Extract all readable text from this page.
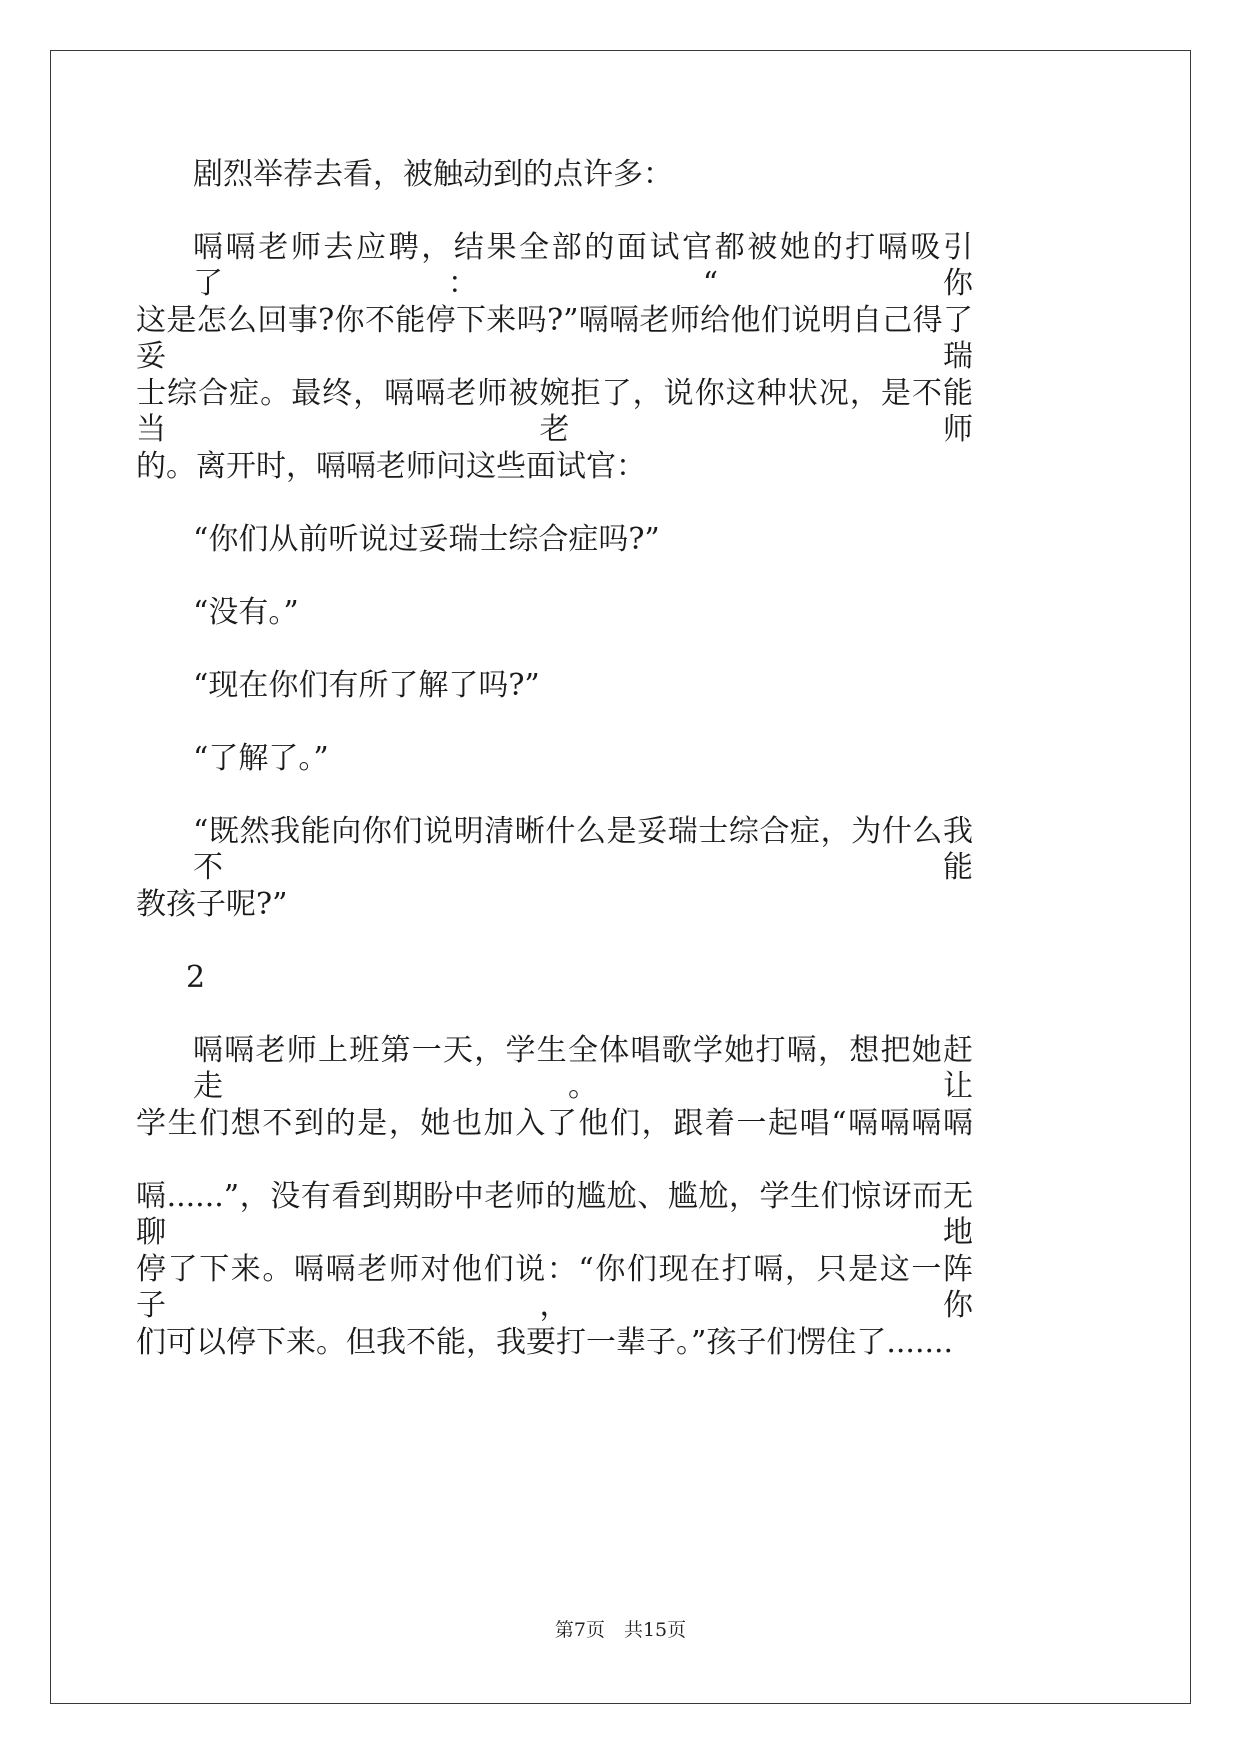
剧烈举荐去看，被触动到的点许多：
嗝嗝老师去应聘，结果全部的面试官都被她的打嗝吸引了：“你
这是怎么回事?你不能停下来吗?”嗝嗝老师给他们说明自己得了妥瑞
士综合症。最终，嗝嗝老师被婉拒了，说你这种状况，是不能当老师
的。离开时，嗝嗝老师问这些面试官：
“你们从前听说过妥瑞士综合症吗?”
“没有。”
“现在你们有所了解了吗?”
“了解了。”
“既然我能向你们说明清晰什么是妥瑞士综合症，为什么我不能
教孩子呢?”
2
嗝嗝老师上班第一天，学生全体唱歌学她打嗝，想把她赶走。让
学生们想不到的是，她也加入了他们，跟着一起唱“嗝嗝嗝嗝
嗝......”，没有看到期盼中老师的尴尬、尴尬，学生们惊讶而无聊地
停了下来。嗝嗝老师对他们说：“你们现在打嗝，只是这一阵子，你
们可以停下来。但我不能，我要打一辈子。”孩子们愣住了.......
第7页　共15页
